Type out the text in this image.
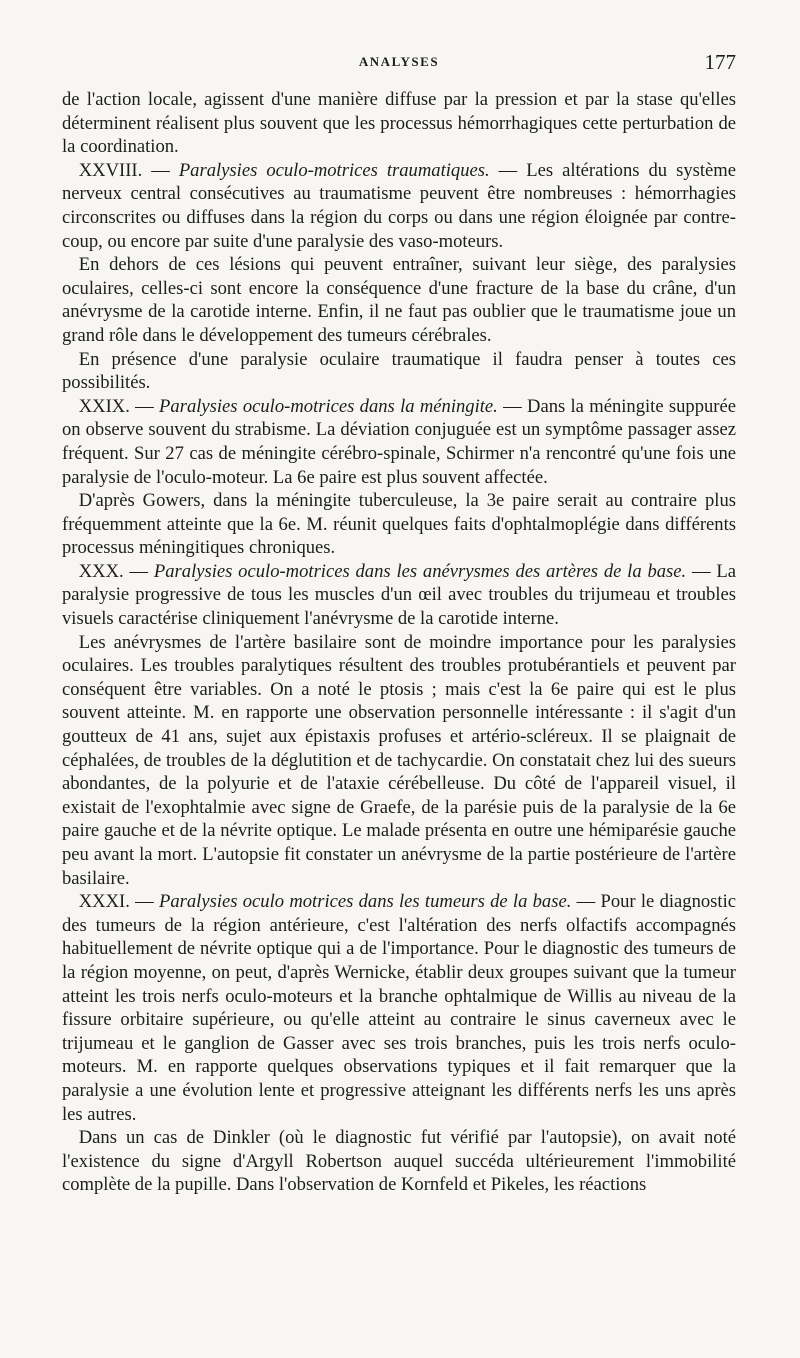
ANALYSES	177

de l'action locale, agissent d'une manière diffuse par la pression et par la stase qu'elles déterminent réalisent plus souvent que les processus hémorrhagiques cette perturbation de la coordination.

XXVIII. — Paralysies oculo-motrices traumatiques. — Les altérations du système nerveux central consécutives au traumatisme peuvent être nombreuses : hémorrhagies circonscrites ou diffuses dans la région du corps ou dans une région éloignée par contre-coup, ou encore par suite d'une paralysie des vaso-moteurs.

En dehors de ces lésions qui peuvent entraîner, suivant leur siège, des paralysies oculaires, celles-ci sont encore la conséquence d'une fracture de la base du crâne, d'un anévrysme de la carotide interne. Enfin, il ne faut pas oublier que le traumatisme joue un grand rôle dans le développement des tumeurs cérébrales.

En présence d'une paralysie oculaire traumatique il faudra penser à toutes ces possibilités.

XXIX. — Paralysies oculo-motrices dans la méningite. — Dans la méningite suppurée on observe souvent du strabisme. La déviation conjuguée est un symptôme passager assez fréquent. Sur 27 cas de méningite cérébro-spinale, Schirmer n'a rencontré qu'une fois une paralysie de l'oculo-moteur. La 6e paire est plus souvent affectée.

D'après Gowers, dans la méningite tuberculeuse, la 3e paire serait au contraire plus fréquemment atteinte que la 6e. M. réunit quelques faits d'ophtalmoplégie dans différents processus méningitiques chroniques.

XXX. — Paralysies oculo-motrices dans les anévrysmes des artères de la base. — La paralysie progressive de tous les muscles d'un œil avec troubles du trijumeau et troubles visuels caractérise cliniquement l'anévrysme de la carotide interne.

Les anévrysmes de l'artère basilaire sont de moindre importance pour les paralysies oculaires. Les troubles paralytiques résultent des troubles protubérantiels et peuvent par conséquent être variables. On a noté le ptosis ; mais c'est la 6e paire qui est le plus souvent atteinte. M. en rapporte une observation personnelle intéressante : il s'agit d'un goutteux de 41 ans, sujet aux épistaxis profuses et artério-scléreux. Il se plaignait de céphalées, de troubles de la déglutition et de tachycardie. On constatait chez lui des sueurs abondantes, de la polyurie et de l'ataxie cérébelleuse. Du côté de l'appareil visuel, il existait de l'exophtalmie avec signe de Graefe, de la parésie puis de la paralysie de la 6e paire gauche et de la névrite optique. Le malade présenta en outre une hémiparésie gauche peu avant la mort. L'autopsie fit constater un anévrysme de la partie postérieure de l'artère basilaire.

XXXI. — Paralysies oculo motrices dans les tumeurs de la base. — Pour le diagnostic des tumeurs de la région antérieure, c'est l'altération des nerfs olfactifs accompagnés habituellement de névrite optique qui a de l'importance. Pour le diagnostic des tumeurs de la région moyenne, on peut, d'après Wernicke, établir deux groupes suivant que la tumeur atteint les trois nerfs oculo-moteurs et la branche ophtalmique de Willis au niveau de la fissure orbitaire supérieure, ou qu'elle atteint au contraire le sinus caverneux avec le trijumeau et le ganglion de Gasser avec ses trois branches, puis les trois nerfs oculo-moteurs. M. en rapporte quelques observations typiques et il fait remarquer que la paralysie a une évolution lente et progressive atteignant les différents nerfs les uns après les autres.

Dans un cas de Dinkler (où le diagnostic fut vérifié par l'autopsie), on avait noté l'existence du signe d'Argyll Robertson auquel succéda ultérieurement l'immobilité complète de la pupille. Dans l'observation de Kornfeld et Pikeles, les réactions
